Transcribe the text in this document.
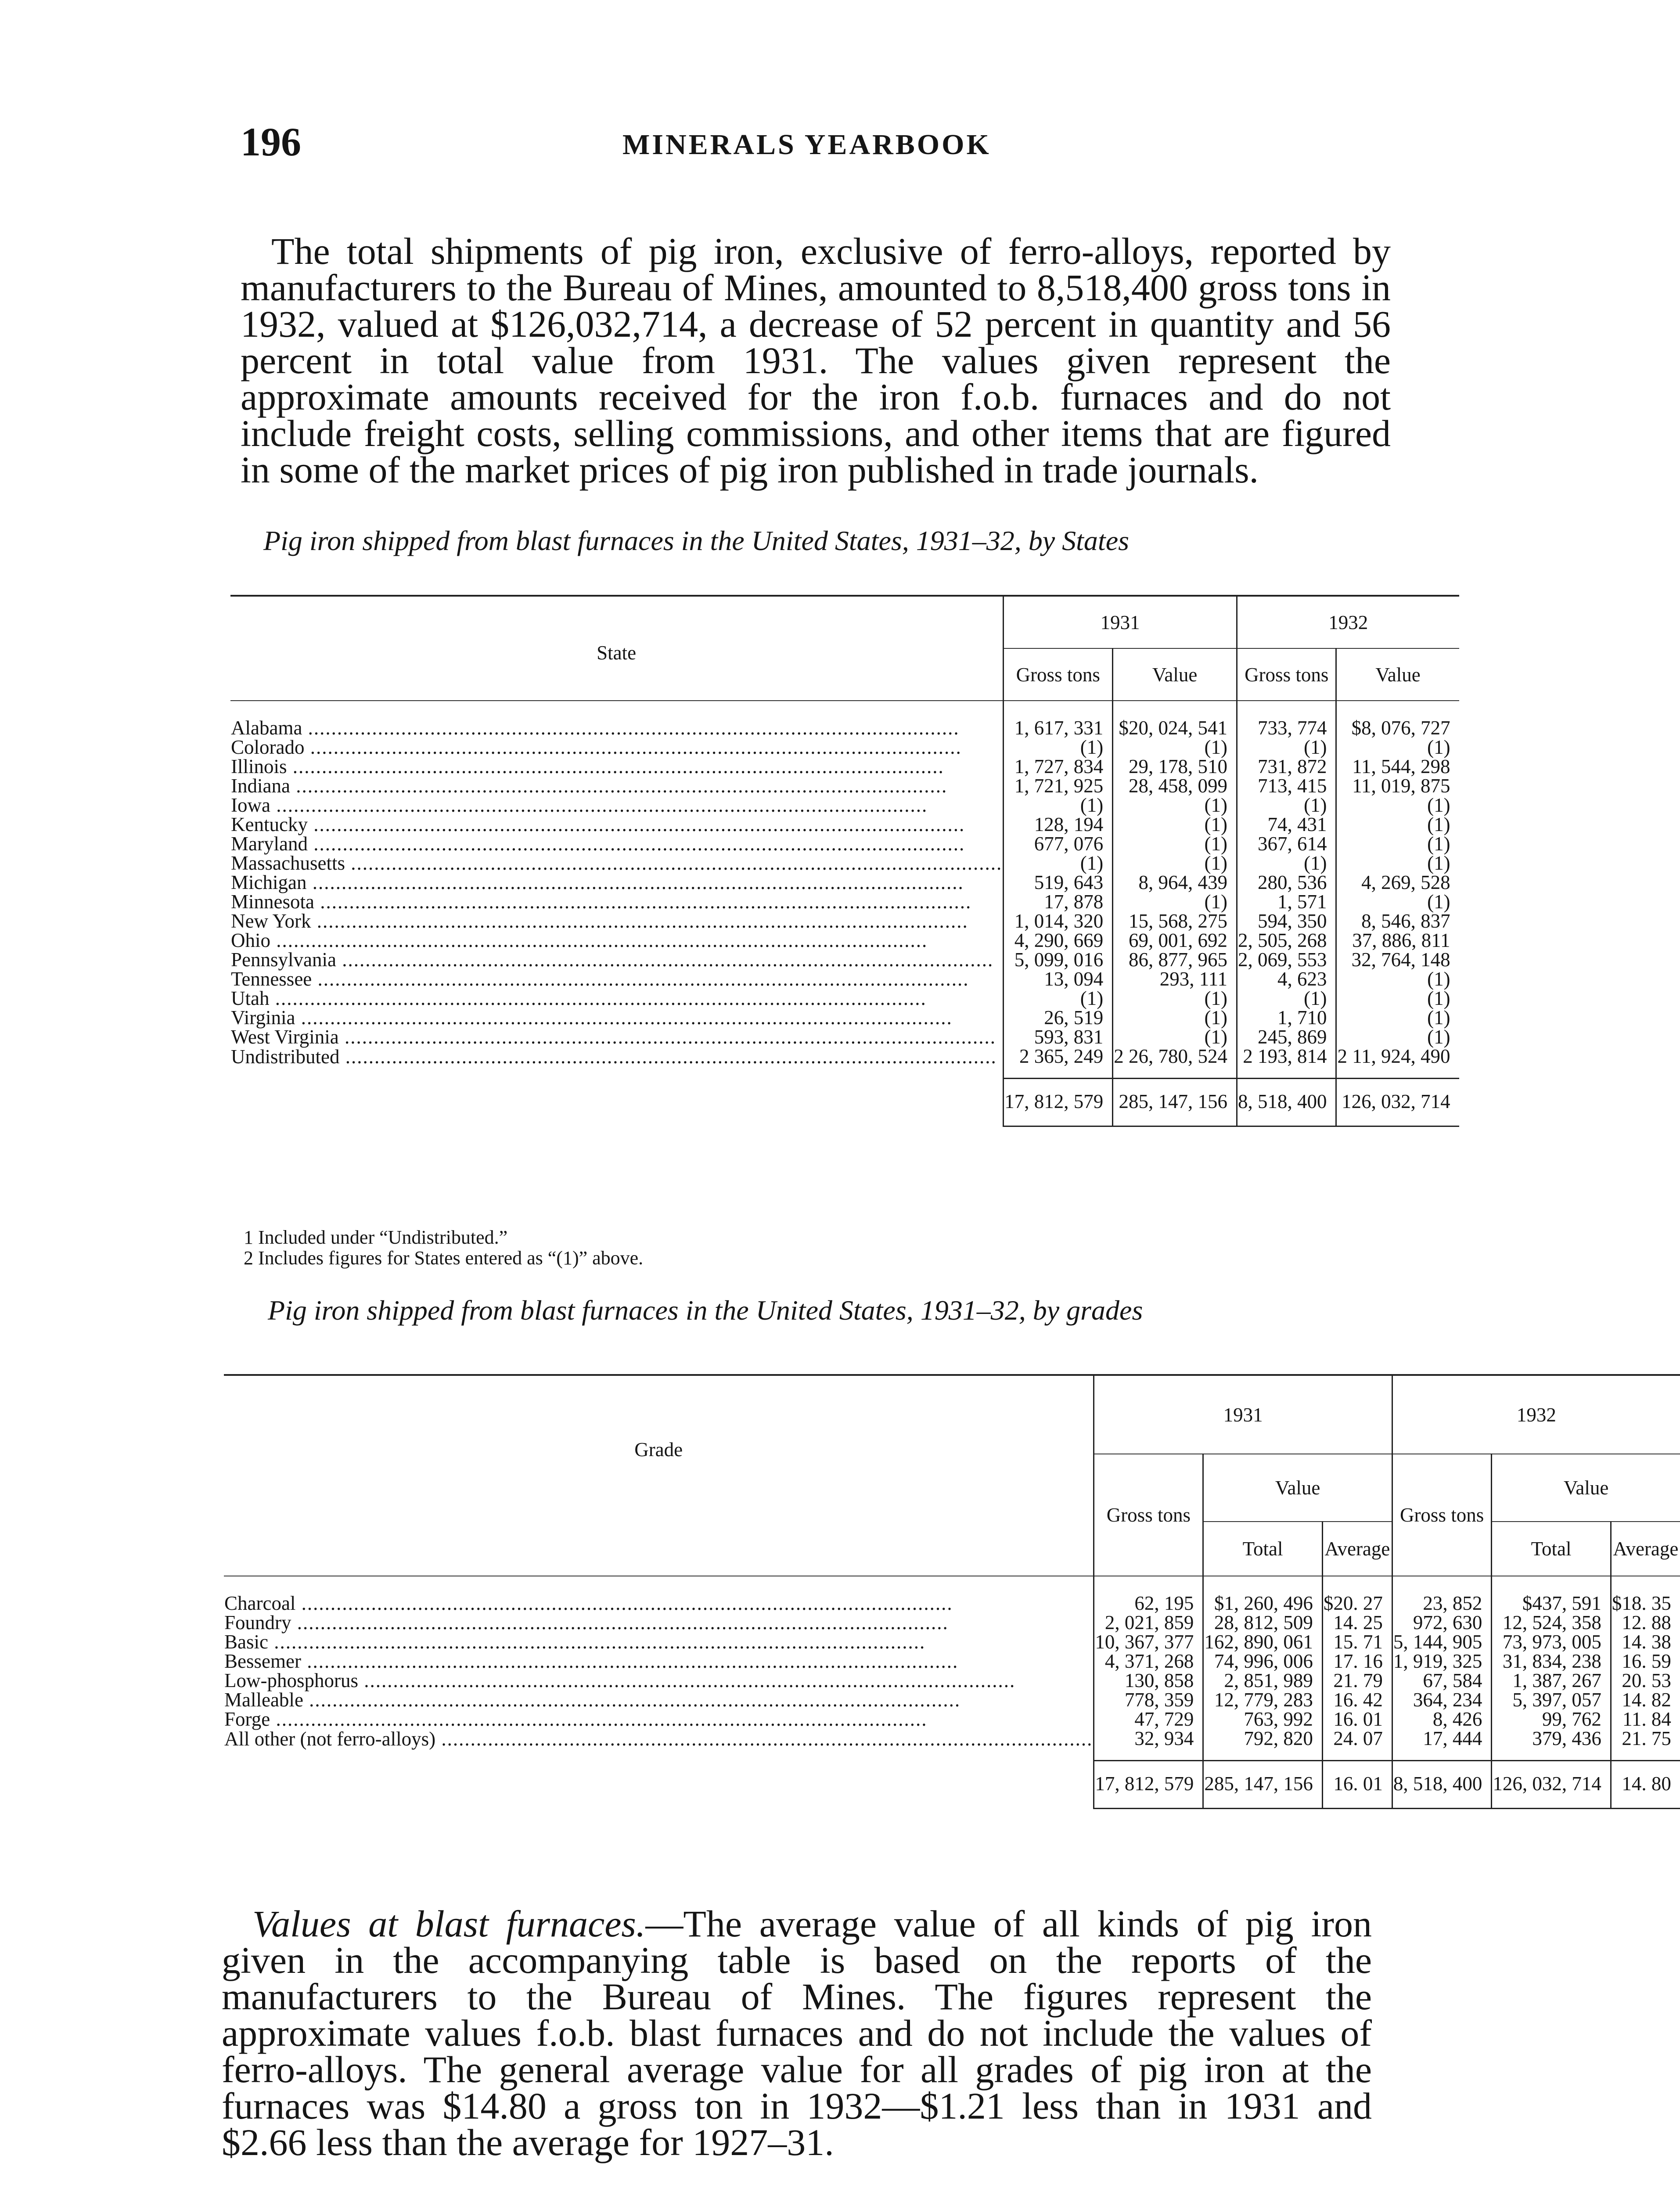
196	MINERALS YEARBOOK

The total shipments of pig iron, exclusive of ferro-alloys, reported by manufacturers to the Bureau of Mines, amounted to 8,518,400 gross tons in 1932, valued at $126,032,714, a decrease of 52 percent in quantity and 56 percent in total value from 1931. The values given represent the approximate amounts received for the iron f.o.b. furnaces and do not include freight costs, selling commissions, and other items that are figured in some of the market prices of pig iron published in trade journals.

Pig iron shipped from blast furnaces in the United States, 1931–32, by States
State	1931		1932	
	Gross tons	Value	Gross tons	Value
Alabama .....	1, 617, 331	$20, 024, 541	733, 774	$8, 076, 727
Colorado .....	(1)	(1)	(1)	(1)
Illinois .....	1, 727, 834	29, 178, 510	731, 872	11, 544, 298
Indiana .....	1, 721, 925	28, 458, 099	713, 415	11, 019, 875
Iowa .....	(1)	(1)	(1)	(1)
Kentucky .....	128, 194	(1)	74, 431	(1)
Maryland .....	677, 076	(1)	367, 614	(1)
Massachusetts .....	(1)	(1)	(1)	(1)
Michigan .....	519, 643	8, 964, 439	280, 536	4, 269, 528
Minnesota .....	17, 878	(1)	1, 571	(1)
New York .....	1, 014, 320	15, 568, 275	594, 350	8, 546, 837
Ohio .....	4, 290, 669	69, 001, 692	2, 505, 268	37, 886, 811
Pennsylvania .....	5, 099, 016	86, 877, 965	2, 069, 553	32, 764, 148
Tennessee .....	13, 094	293, 111	4, 623	(1)
Utah .....	(1)	(1)	(1)	(1)
Virginia .....	26, 519	(1)	1, 710	(1)
West Virginia .....	593, 831	(1)	245, 869	(1)
Undistributed .....	2 365, 249	2 26, 780, 524	2 193, 814	2 11, 924, 490
	17, 812, 579	285, 147, 156	8, 518, 400	126, 032, 714
1 Included under “Undistributed.”
2 Includes figures for States entered as “(1)” above.
Pig iron shipped from blast furnaces in the United States, 1931–32, by grades
Grade	1931			1932		
	Gross tons	Value		Gross tons	Value	
		Total	Average		Total	Average
Charcoal .....	62, 195	$1, 260, 496	$20. 27	23, 852	$437, 591	$18. 35
Foundry .....	2, 021, 859	28, 812, 509	14. 25	972, 630	12, 524, 358	12. 88
Basic .....	10, 367, 377	162, 890, 061	15. 71	5, 144, 905	73, 973, 005	14. 38
Bessemer .....	4, 371, 268	74, 996, 006	17. 16	1, 919, 325	31, 834, 238	16. 59
Low-phosphorus .....	130, 858	2, 851, 989	21. 79	67, 584	1, 387, 267	20. 53
Malleable .....	778, 359	12, 779, 283	16. 42	364, 234	5, 397, 057	14. 82
Forge .....	47, 729	763, 992	16. 01	8, 426	99, 762	11. 84
All other (not ferro-alloys) .....	32, 934	792, 820	24. 07	17, 444	379, 436	21. 75
	17, 812, 579	285, 147, 156	16. 01	8, 518, 400	126, 032, 714	14. 80

Values at blast furnaces.—The average value of all kinds of pig iron given in the accompanying table is based on the reports of the manufacturers to the Bureau of Mines. The figures represent the approximate values f.o.b. blast furnaces and do not include the values of ferro-alloys. The general average value for all grades of pig iron at the furnaces was $14.80 a gross ton in 1932—$1.21 less than in 1931 and $2.66 less than the average for 1927–31.
